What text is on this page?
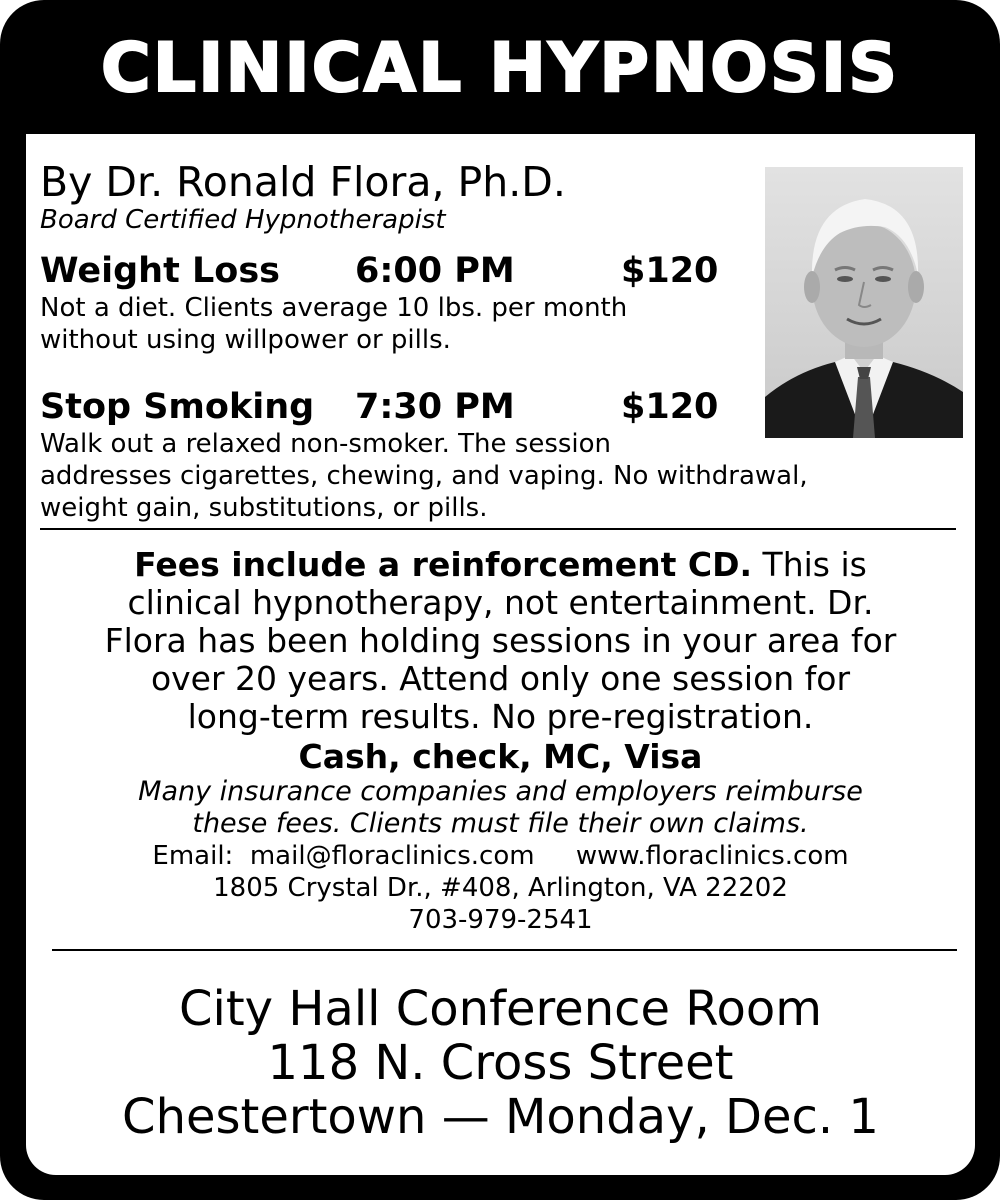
CLINICAL HYPNOSIS
By Dr. Ronald Flora, Ph.D.
Board Certified Hypnotherapist
Weight Loss 6:00 PM	$120
Not a diet. Clients average 10 lbs. per month
without using willpower or pills.
Stop Smoking 7:30 PM	$120
Walk out a relaxed non-smoker. The session
addresses cigarettes, chewing, and vaping. No withdrawal,
weight gain, substitutions, or pills.
Fees include a reinforcement CD. This is
clinical hypnotherapy, not entertainment. Dr.
Flora has been holding sessions in your area for
over 20 years. Attend only one session for
long-term results. No pre-registration.
Cash, check, MC, Visa
Many insurance companies and employers reimburse
these fees. Clients must file their own claims.
Email: mail@floraclinics.com www.floraclinics.com
1805 Crystal Dr., #408, Arlington, VA 22202
703-979-2541
City Hall Conference Room
118 N. Cross Street
Chestertown — Monday, Dec. 1
